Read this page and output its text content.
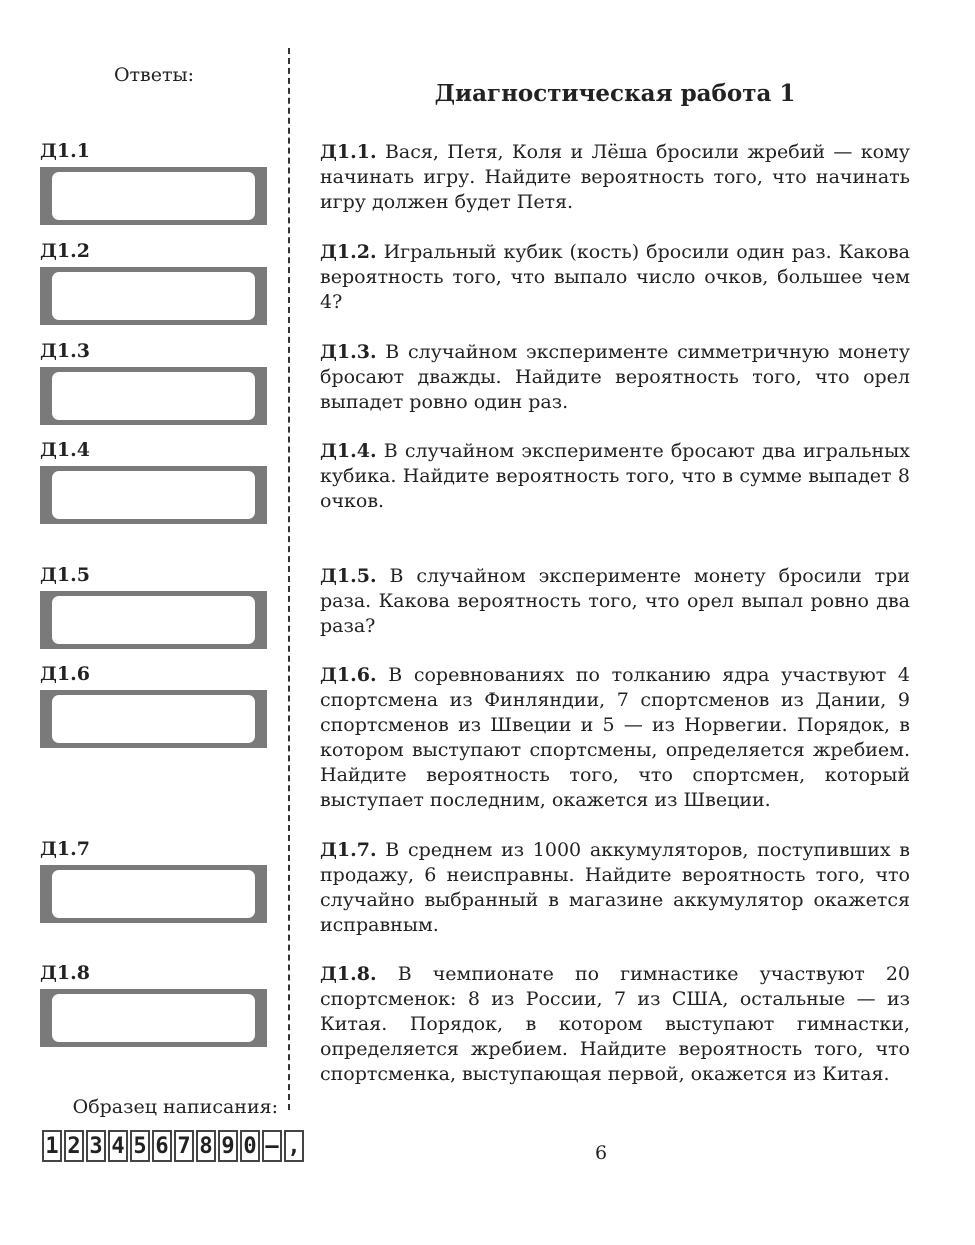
Ответы:
Диагностическая работа 1
Д1.1
Д1.2
Д1.3
Д1.4
Д1.5
Д1.6
Д1.7
Д1.8
Д1.1. Вася, Петя, Коля и Лёша бросили жребий — кому начинать игру. Найдите вероятность того, что начинать игру должен будет Петя.
Д1.2. Игральный кубик (кость) бросили один раз. Какова вероятность того, что выпало число очков, большее чем 4?
Д1.3. В случайном эксперименте симметричную монету бросают дважды. Найдите вероятность того, что орел выпадет ровно один раз.
Д1.4. В случайном эксперименте бросают два игральных кубика. Найдите вероятность того, что в сумме выпадет 8 очков.
Д1.5. В случайном эксперименте монету бросили три раза. Какова вероятность того, что орел выпал ровно два раза?
Д1.6. В соревнованиях по толканию ядра участвуют 4 спортсмена из Финляндии, 7 спортсменов из Дании, 9 спортсменов из Швеции и 5 — из Норвегии. Порядок, в котором выступают спортсмены, определяется жребием. Найдите вероятность того, что спортсмен, который выступает последним, окажется из Швеции.
Д1.7. В среднем из 1000 аккумуляторов, поступивших в продажу, 6 неисправны. Найдите вероятность того, что случайно выбранный в магазине аккумулятор окажется исправным.
Д1.8. В чемпионате по гимнастике участвуют 20 спортсменок: 8 из России, 7 из США, остальные — из Китая. Порядок, в котором выступают гимнастки, определяется жребием. Найдите вероятность того, что спортсменка, выступающая первой, окажется из Китая.
Образец написания:
1 2 3 4 5 6 7 8 9 0 – ,	6
